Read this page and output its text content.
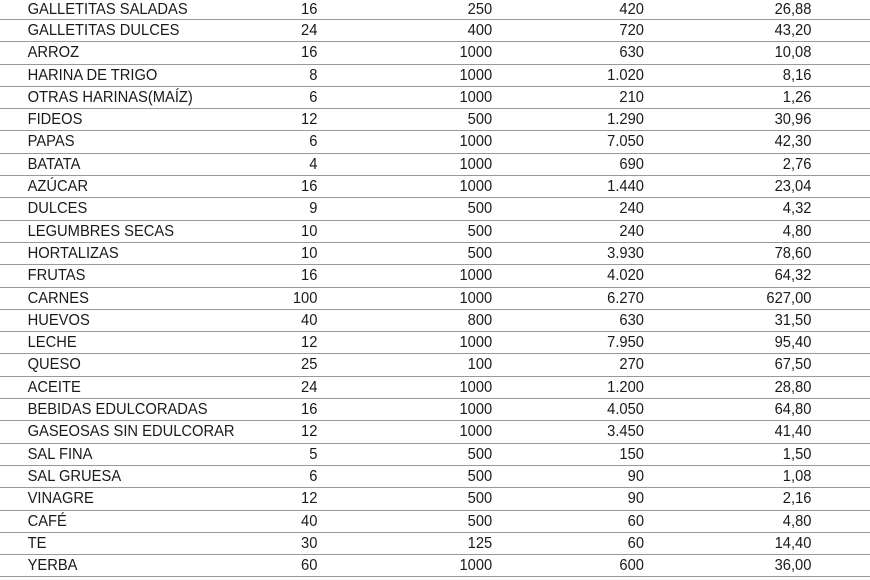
GALLETITAS SALADAS	16	250	420	26,88
GALLETITAS DULCES	24	400	720	43,20
ARROZ	16	1000	630	10,08
HARINA DE TRIGO	8	1000	1.020	8,16
OTRAS HARINAS(MAÍZ)	6	1000	210	1,26
FIDEOS	12	500	1.290	30,96
PAPAS	6	1000	7.050	42,30
BATATA	4	1000	690	2,76
AZÚCAR	16	1000	1.440	23,04
DULCES	9	500	240	4,32
LEGUMBRES SECAS	10	500	240	4,80
HORTALIZAS	10	500	3.930	78,60
FRUTAS	16	1000	4.020	64,32
CARNES	100	1000	6.270	627,00
HUEVOS	40	800	630	31,50
LECHE	12	1000	7.950	95,40
QUESO	25	100	270	67,50
ACEITE	24	1000	1.200	28,80
BEBIDAS EDULCORADAS	16	1000	4.050	64,80
GASEOSAS SIN EDULCORAR	12	1000	3.450	41,40
SAL FINA	5	500	150	1,50
SAL GRUESA	6	500	90	1,08
VINAGRE	12	500	90	2,16
CAFÉ	40	500	60	4,80
TE	30	125	60	14,40
YERBA	60	1000	600	36,00
